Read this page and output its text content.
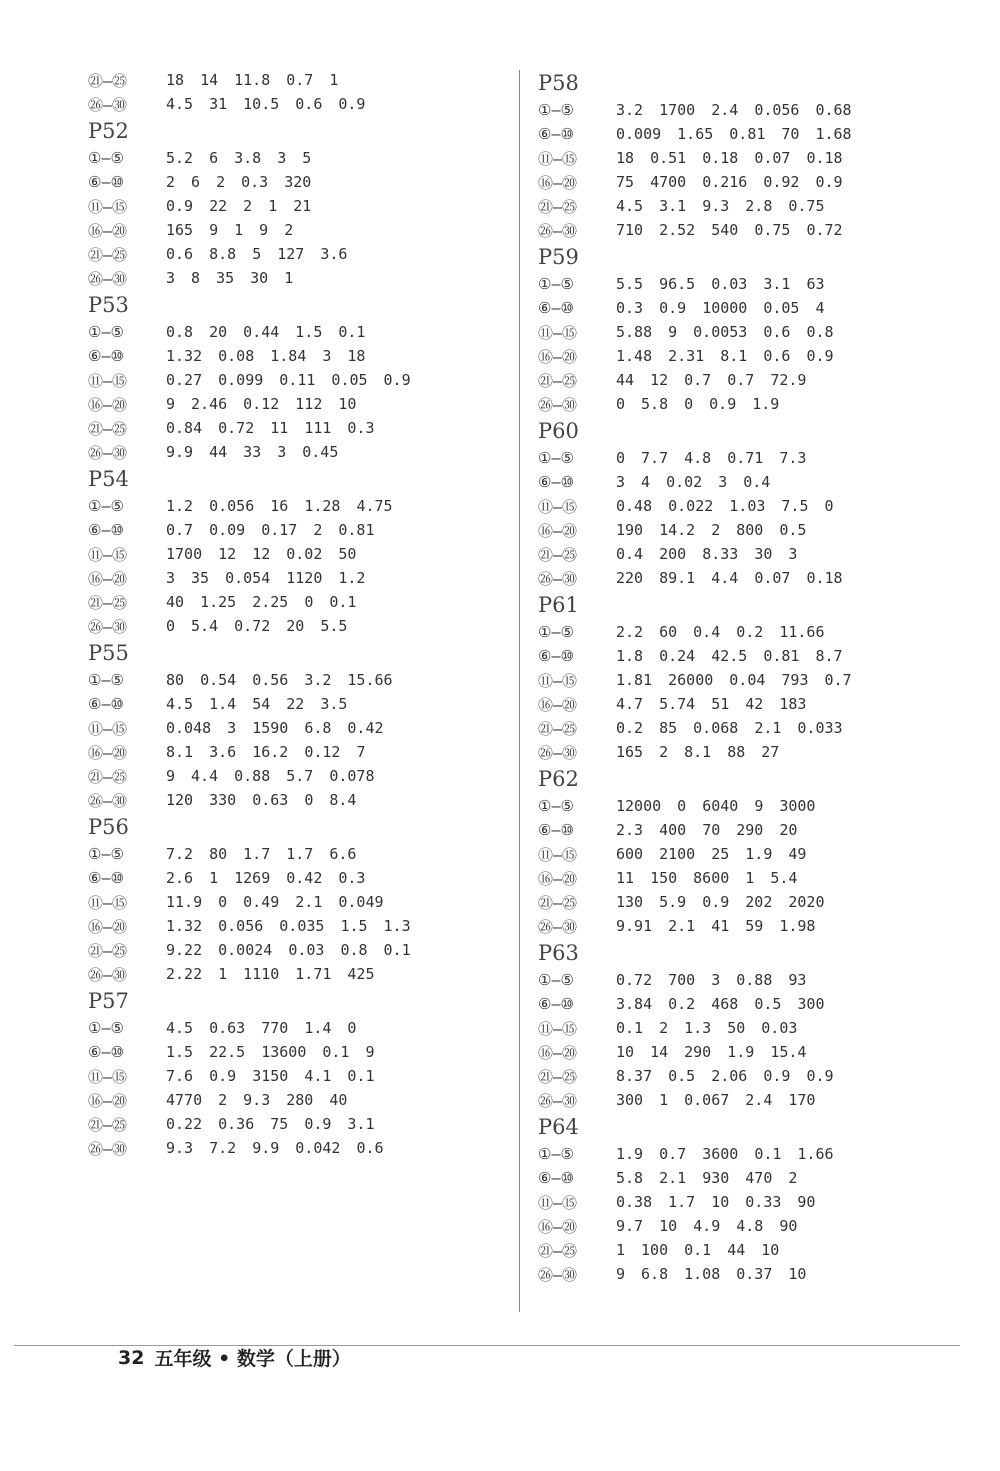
㉑—㉕	18 14 11.8 0.7 1
㉖—㉚	4.5 31 10.5 0.6 0.9
P52
①—⑤	5.2 6 3.8 3 5
⑥—⑩	2 6 2 0.3 320
⑪—⑮	0.9 22 2 1 21
⑯—⑳	165 9 1 9 2
㉑—㉕	0.6 8.8 5 127 3.6
㉖—㉚	3 8 35 30 1
P53
①—⑤	0.8 20 0.44 1.5 0.1
⑥—⑩	1.32 0.08 1.84 3 18
⑪—⑮	0.27 0.099 0.11 0.05 0.9
⑯—⑳	9 2.46 0.12 112 10
㉑—㉕	0.84 0.72 11 111 0.3
㉖—㉚	9.9 44 33 3 0.45
P54
①—⑤	1.2 0.056 16 1.28 4.75
⑥—⑩	0.7 0.09 0.17 2 0.81
⑪—⑮	1700 12 12 0.02 50
⑯—⑳	3 35 0.054 1120 1.2
㉑—㉕	40 1.25 2.25 0 0.1
㉖—㉚	0 5.4 0.72 20 5.5
P55
①—⑤	80 0.54 0.56 3.2 15.66
⑥—⑩	4.5 1.4 54 22 3.5
⑪—⑮	0.048 3 1590 6.8 0.42
⑯—⑳	8.1 3.6 16.2 0.12 7
㉑—㉕	9 4.4 0.88 5.7 0.078
㉖—㉚	120 330 0.63 0 8.4
P56
①—⑤	7.2 80 1.7 1.7 6.6
⑥—⑩	2.6 1 1269 0.42 0.3
⑪—⑮	11.9 0 0.49 2.1 0.049
⑯—⑳	1.32 0.056 0.035 1.5 1.3
㉑—㉕	9.22 0.0024 0.03 0.8 0.1
㉖—㉚	2.22 1 1110 1.71 425
P57
①—⑤	4.5 0.63 770 1.4 0
⑥—⑩	1.5 22.5 13600 0.1 9
⑪—⑮	7.6 0.9 3150 4.1 0.1
⑯—⑳	4770 2 9.3 280 40
㉑—㉕	0.22 0.36 75 0.9 3.1
㉖—㉚	9.3 7.2 9.9 0.042 0.6
P58
①—⑤	3.2 1700 2.4 0.056 0.68
⑥—⑩	0.009 1.65 0.81 70 1.68
⑪—⑮	18 0.51 0.18 0.07 0.18
⑯—⑳	75 4700 0.216 0.92 0.9
㉑—㉕	4.5 3.1 9.3 2.8 0.75
㉖—㉚	710 2.52 540 0.75 0.72
P59
①—⑤	5.5 96.5 0.03 3.1 63
⑥—⑩	0.3 0.9 10000 0.05 4
⑪—⑮	5.88 9 0.0053 0.6 0.8
⑯—⑳	1.48 2.31 8.1 0.6 0.9
㉑—㉕	44 12 0.7 0.7 72.9
㉖—㉚	0 5.8 0 0.9 1.9
P60
①—⑤	0 7.7 4.8 0.71 7.3
⑥—⑩	3 4 0.02 3 0.4
⑪—⑮	0.48 0.022 1.03 7.5 0
⑯—⑳	190 14.2 2 800 0.5
㉑—㉕	0.4 200 8.33 30 3
㉖—㉚	220 89.1 4.4 0.07 0.18
P61
①—⑤	2.2 60 0.4 0.2 11.66
⑥—⑩	1.8 0.24 42.5 0.81 8.7
⑪—⑮	1.81 26000 0.04 793 0.7
⑯—⑳	4.7 5.74 51 42 183
㉑—㉕	0.2 85 0.068 2.1 0.033
㉖—㉚	165 2 8.1 88 27
P62
①—⑤	12000 0 6040 9 3000
⑥—⑩	2.3 400 70 290 20
⑪—⑮	600 2100 25 1.9 49
⑯—⑳	11 150 8600 1 5.4
㉑—㉕	130 5.9 0.9 202 2020
㉖—㉚	9.91 2.1 41 59 1.98
P63
①—⑤	0.72 700 3 0.88 93
⑥—⑩	3.84 0.2 468 0.5 300
⑪—⑮	0.1 2 1.3 50 0.03
⑯—⑳	10 14 290 1.9 15.4
㉑—㉕	8.37 0.5 2.06 0.9 0.9
㉖—㉚	300 1 0.067 2.4 170
P64
①—⑤	1.9 0.7 3600 0.1 1.66
⑥—⑩	5.8 2.1 930 470 2
⑪—⑮	0.38 1.7 10 0.33 90
⑯—⑳	9.7 10 4.9 4.8 90
㉑—㉕	1 100 0.1 44 10
㉖—㉚	9 6.8 1.08 0.37 10
32 五年级 • 数学（上册）
